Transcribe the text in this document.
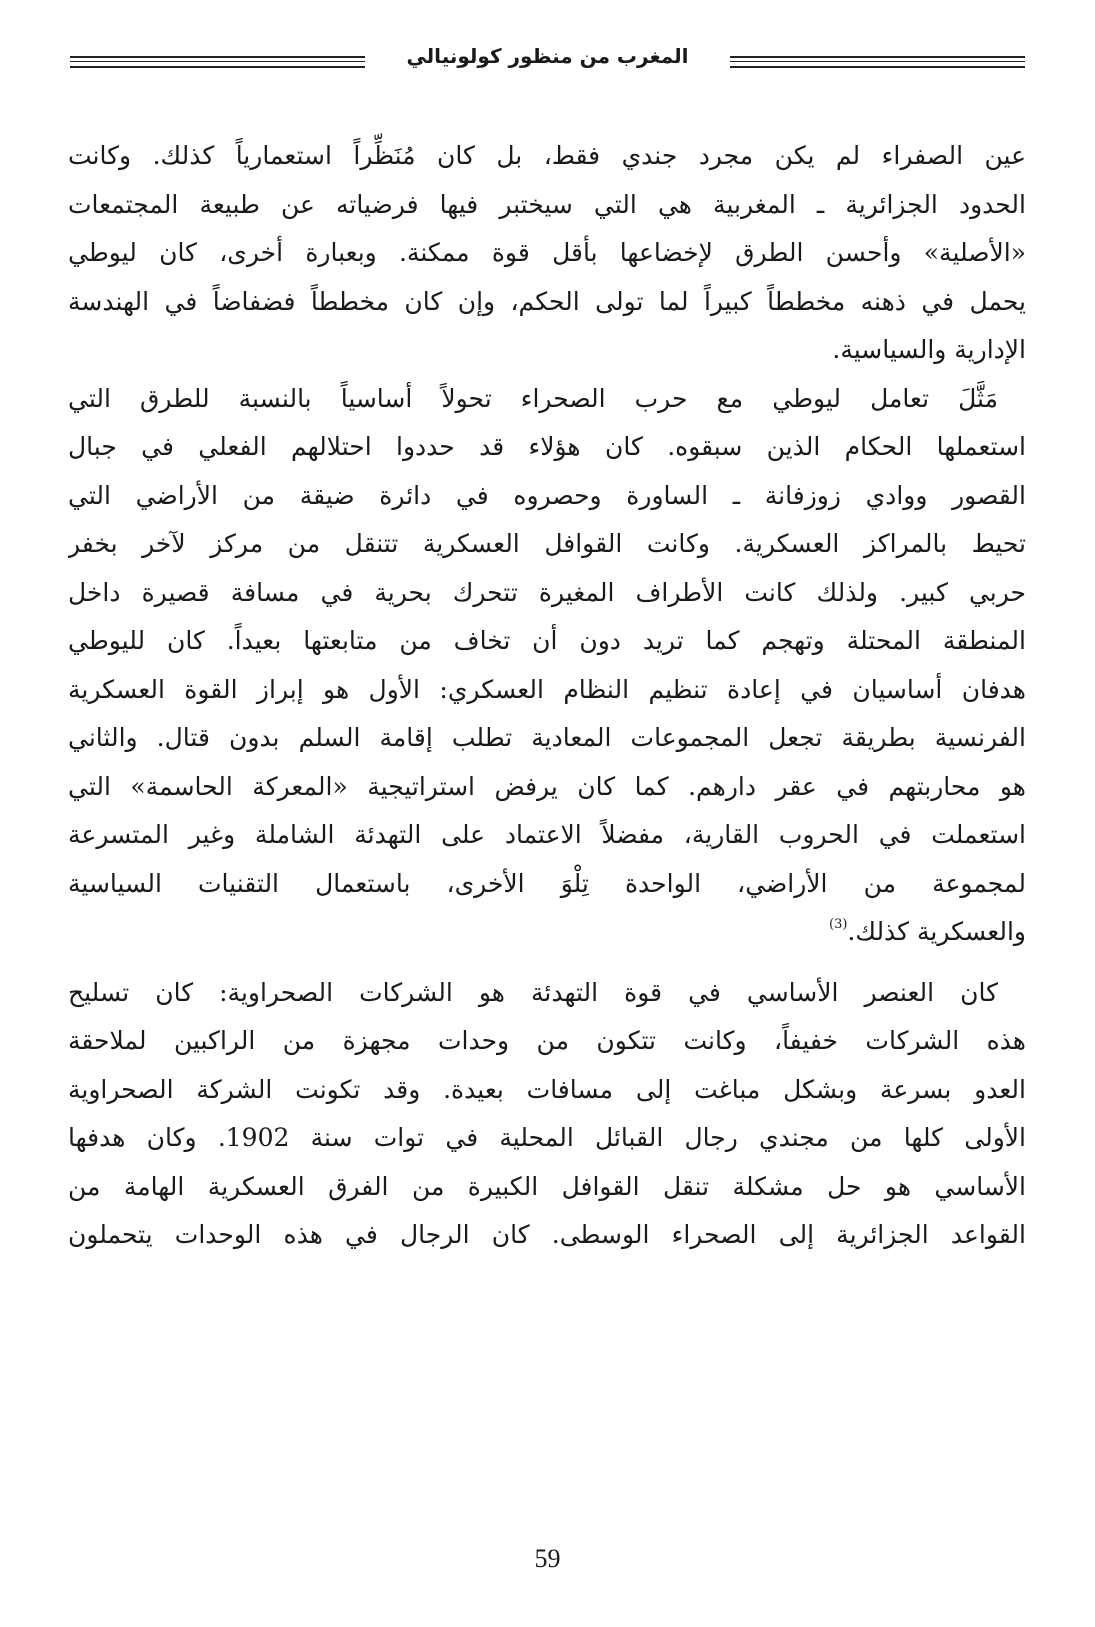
المغرب من منظور كولونيالي
عين الصفراء لم يكن مجرد جندي فقط، بل كان مُنَظِّراً استعمارياً كذلك. وكانت
الحدود الجزائرية ـ المغربية هي التي سيختبر فيها فرضياته عن طبيعة المجتمعات
«الأصلية» وأحسن الطرق لإخضاعها بأقل قوة ممكنة. وبعبارة أخرى، كان ليوطي
يحمل في ذهنه مخططاً كبيراً لما تولى الحكم، وإن كان مخططاً فضفاضاً في الهندسة
الإدارية والسياسية.
مَثَّلَ تعامل ليوطي مع حرب الصحراء تحولاً أساسياً بالنسبة للطرق التي
استعملها الحكام الذين سبقوه. كان هؤلاء قد حددوا احتلالهم الفعلي في جبال
القصور ووادي زوزفانة ـ الساورة وحصروه في دائرة ضيقة من الأراضي التي
تحيط بالمراكز العسكرية. وكانت القوافل العسكرية تتنقل من مركز لآخر بخفر
حربي كبير. ولذلك كانت الأطراف المغيرة تتحرك بحرية في مسافة قصيرة داخل
المنطقة المحتلة وتهجم كما تريد دون أن تخاف من متابعتها بعيداً. كان لليوطي
هدفان أساسيان في إعادة تنظيم النظام العسكري: الأول هو إبراز القوة العسكرية
الفرنسية بطريقة تجعل المجموعات المعادية تطلب إقامة السلم بدون قتال. والثاني
هو محاربتهم في عقر دارهم. كما كان يرفض استراتيجية «المعركة الحاسمة» التي
استعملت في الحروب القارية، مفضلاً الاعتماد على التهدئة الشاملة وغير المتسرعة
لمجموعة من الأراضي، الواحدة تِلْوَ الأخرى، باستعمال التقنيات السياسية
والعسكرية كذلك.$^{(3)}$
كان العنصر الأساسي في قوة التهدئة هو الشركات الصحراوية: كان تسليح
هذه الشركات خفيفاً، وكانت تتكون من وحدات مجهزة من الراكبين لملاحقة
العدو بسرعة وبشكل مباغت إلى مسافات بعيدة. وقد تكونت الشركة الصحراوية
الأولى كلها من مجندي رجال القبائل المحلية في توات سنة 1902. وكان هدفها
الأساسي هو حل مشكلة تنقل القوافل الكبيرة من الفرق العسكرية الهامة من
القواعد الجزائرية إلى الصحراء الوسطى. كان الرجال في هذه الوحدات يتحملون
59
